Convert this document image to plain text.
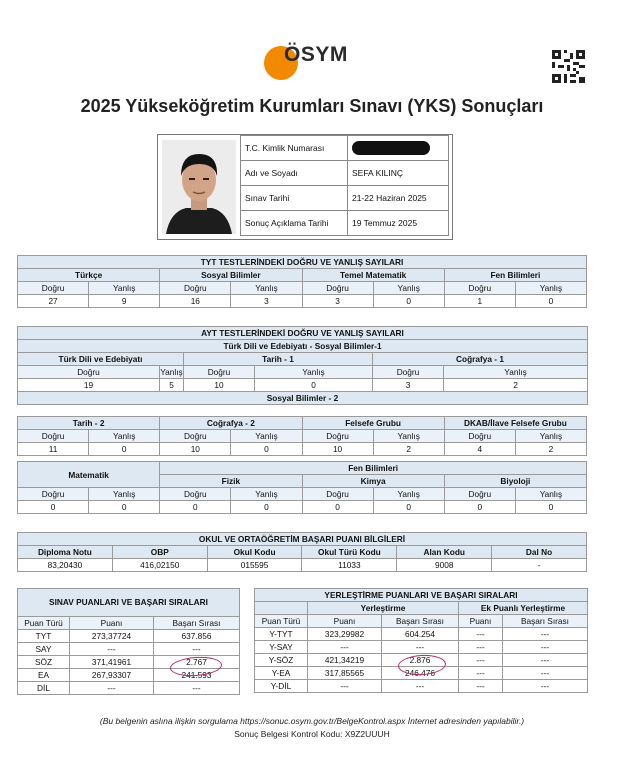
ÖSYM
2025 Yükseköğretim Kurumları Sınavı (YKS) Sonuçları
T.C. Kimlik Numarası	
Adı ve Soyadı	SEFA KILINÇ
Sınav Tarihi	21-22 Haziran 2025
Sonuç Açıklama Tarihi	19 Temmuz 2025
TYT TESTLERİNDEKİ DOĞRU VE YANLIŞ SAYILARI							
Türkçe		Sosyal Bilimler		Temel Matematik		Fen Bilimleri	
Doğru	Yanlış	Doğru	Yanlış	Doğru	Yanlış	Doğru	Yanlış
27	9	16	3	3	0	1	0
AYT TESTLERİNDEKİ DOĞRU VE YANLIŞ SAYILARI					
Türk Dili ve Edebiyatı - Sosyal Bilimler-1					
Türk Dili ve Edebiyatı		Tarih - 1		Coğrafya - 1	
Doğru	Yanlış	Doğru	Yanlış	Doğru	Yanlış
19	5	10	0	3	2
Sosyal Bilimler - 2					
Tarih - 2		Coğrafya - 2		Felsefe Grubu		DKAB/İlave Felsefe Grubu	
Doğru	Yanlış	Doğru	Yanlış	Doğru	Yanlış	Doğru	Yanlış
11	0	10	0	10	2	4	2
Matematik		Fen Bilimleri					
		Fizik		Kimya		Biyoloji	
Doğru	Yanlış	Doğru	Yanlış	Doğru	Yanlış	Doğru	Yanlış
0	0	0	0	0	0	0	0
OKUL VE ORTAÖĞRETİM BAŞARI PUANI BİLGİLERİ					
Diploma Notu	OBP	Okul Kodu	Okul Türü Kodu	Alan Kodu	Dal No
83,20430	416,02150	015595	11033	9008	-
SINAV PUANLARI VE BAŞARI SIRALARI		
Puan Türü	Puanı	Başarı Sırası
TYT	273,37724	637.856
SAY	---	---
SÖZ	371,41961	2.767
EA	267,93307	241.593
DİL	---	---
YERLEŞTİRME PUANLARI VE BAŞARI SIRALARI				
	Yerleştirme		Ek Puanlı Yerleştirme	
Puan Türü	Puanı	Başarı Sırası	Puanı	Başarı Sırası
Y-TYT	323,29982	604.254	---	---
Y-SAY	---	---	---	---
Y-SÖZ	421,34219	2.876	---	---
Y-EA	317,85565	246.476	---	---
Y-DİL	---	---	---	---
(Bu belgenin aslına ilişkin sorgulama https://sonuc.osym.gov.tr/BelgeKontrol.aspx İnternet adresinden yapılabilir.)
Sonuç Belgesi Kontrol Kodu: X9Z2UUUH
